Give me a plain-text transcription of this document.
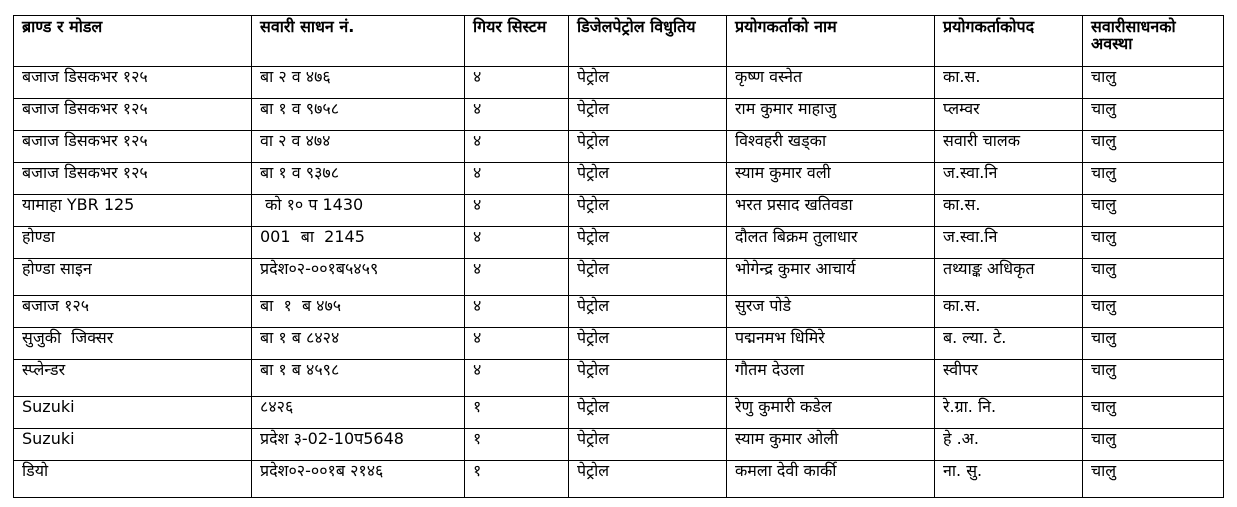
ब्राण्ड र मोडल	सवारी साधन नं.	गियर सिस्टम	डिजेलपेट्रोल विधुतिय	प्रयोगकर्ताको नाम	प्रयोगकर्ताकोपद	सवारीसाधनको अवस्था
बजाज डिसकभर १२५	बा २ व ४७६	४	पेट्रोल	कृष्ण वस्नेत	का.स.	चालु
बजाज डिसकभर १२५	बा १ व ९७५८	४	पेट्रोल	राम कुमार माहाजु	प्लम्वर	चालु
बजाज डिसकभर १२५	वा २ व ४७४	४	पेट्रोल	विश्वहरी खड्का	सवारी चालक	चालु
बजाज डिसकभर १२५	बा १ व ९३७८	४	पेट्रोल	स्याम कुमार वली	ज.स्वा.नि	चालु
यामाहा YBR 125	को १० प 1430	४	पेट्रोल	भरत प्रसाद खतिवडा	का.स.	चालु
होण्डा	001  बा  2145	४	पेट्रोल	दौलत बिक्रम तुलाधार	ज.स्वा.नि	चालु
होण्डा साइन	प्रदेश०२-००१ब५४५९	४	पेट्रोल	भोगेन्द्र कुमार आचार्य	तथ्याङ्क अधिकृत	चालु
बजाज १२५	बा  १  ब ४७५	४	पेट्रोल	सुरज पोडे	का.स.	चालु
सुजुकी  जिक्सर	बा १ ब ८४२४	४	पेट्रोल	पद्मनमभ धिमिरे	ब. ल्या. टे.	चालु
स्प्लेन्डर	बा १ ब ४५९८	४	पेट्रोल	गौतम देउला	स्वीपर	चालु
Suzuki	८४२६	१	पेट्रोल	रेणु कुमारी कडेल	रे.ग्रा. नि.	चालु
Suzuki	प्रदेश ३-02-10प5648	१	पेट्रोल	स्याम कुमार ओली	हे .अ.	चालु
डियो	प्रदेश०२-००१ब २१४६	१	पेट्रोल	कमला देवी कार्की	ना. सु.	चालु
